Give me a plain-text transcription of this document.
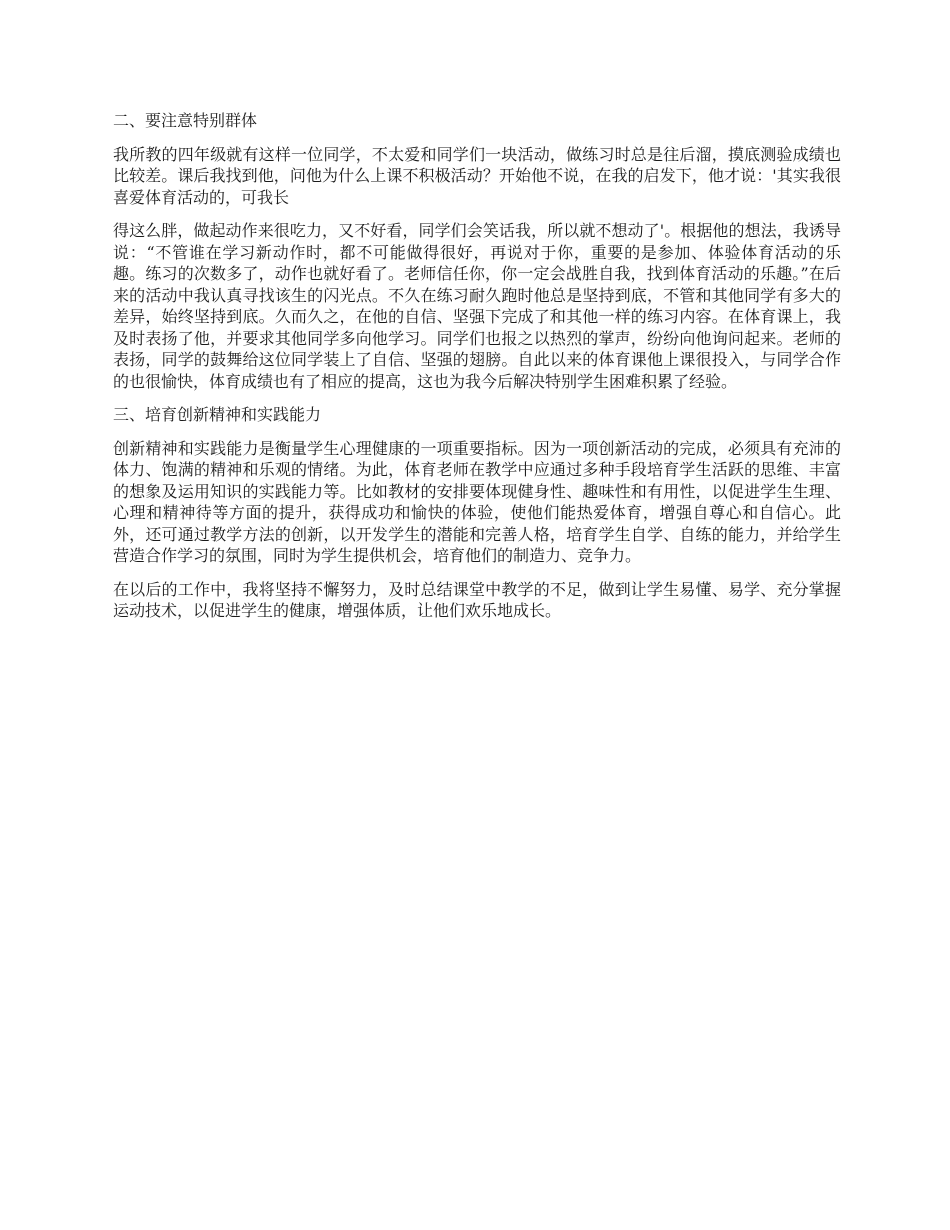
二、要注意特别群体

我所教的四年级就有这样一位同学，不太爱和同学们一块活动，做练习时总是往后溜，摸底测验成绩也比较差。课后我找到他，问他为什么上课不积极活动？开始他不说，在我的启发下，他才说：'其实我很喜爱体育活动的，可我长

得这么胖，做起动作来很吃力，又不好看，同学们会笑话我，所以就不想动了'。根据他的想法，我诱导说：“不管谁在学习新动作时，都不可能做得很好，再说对于你，重要的是参加、体验体育活动的乐趣。练习的次数多了，动作也就好看了。老师信任你，你一定会战胜自我，找到体育活动的乐趣。”在后来的活动中我认真寻找该生的闪光点。不久在练习耐久跑时他总是坚持到底，不管和其他同学有多大的差异，始终坚持到底。久而久之，在他的自信、坚强下完成了和其他一样的练习内容。在体育课上，我及时表扬了他，并要求其他同学多向他学习。同学们也报之以热烈的掌声，纷纷向他询问起来。老师的表扬，同学的鼓舞给这位同学装上了自信、坚强的翅膀。自此以来的体育课他上课很投入，与同学合作的也很愉快，体育成绩也有了相应的提高，这也为我今后解决特别学生困难积累了经验。

三、培育创新精神和实践能力

创新精神和实践能力是衡量学生心理健康的一项重要指标。因为一项创新活动的完成，必须具有充沛的体力、饱满的精神和乐观的情绪。为此，体育老师在教学中应通过多种手段培育学生活跃的思维、丰富的想象及运用知识的实践能力等。比如教材的安排要体现健身性、趣味性和有用性，以促进学生生理、心理和精神待等方面的提升，获得成功和愉快的体验，使他们能热爱体育，增强自尊心和自信心。此外，还可通过教学方法的创新，以开发学生的潜能和完善人格，培育学生自学、自练的能力，并给学生营造合作学习的氛围，同时为学生提供机会，培育他们的制造力、竞争力。

在以后的工作中，我将坚持不懈努力，及时总结课堂中教学的不足，做到让学生易懂、易学、充分掌握运动技术，以促进学生的健康，增强体质，让他们欢乐地成长。
